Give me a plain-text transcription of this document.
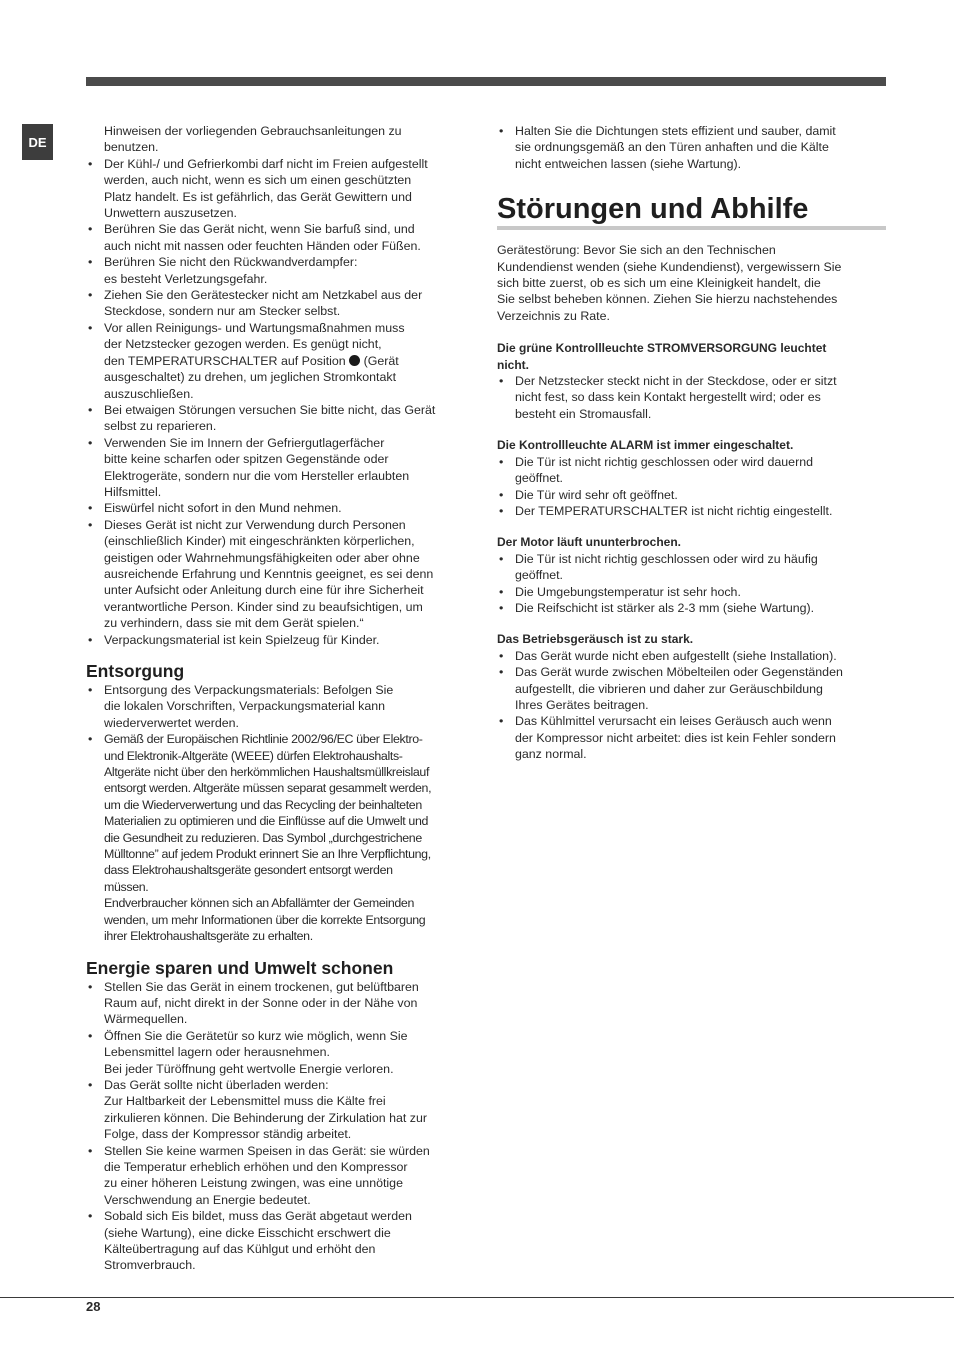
DE
Hinweisen der vorliegenden Gebrauchsanleitungen zu
benutzen.
• Der Kühl-/ und Gefrierkombi darf nicht im Freien aufgestellt
werden, auch nicht, wenn es sich um einen geschützten
Platz handelt. Es ist gefährlich, das Gerät Gewittern und
Unwettern auszusetzen.
• Berühren Sie das Gerät nicht, wenn Sie barfuß sind, und
auch nicht mit nassen oder feuchten Händen oder Füßen.
• Berühren Sie nicht den Rückwandverdampfer:
es besteht Verletzungsgefahr.
• Ziehen Sie den Gerätestecker nicht am Netzkabel aus der
Steckdose, sondern nur am Stecker selbst.
• Vor allen Reinigungs- und Wartungsmaßnahmen muss
der Netzstecker gezogen werden. Es genügt nicht,
den TEMPERATURSCHALTER auf Position  (Gerät
ausgeschaltet) zu drehen, um jeglichen Stromkontakt
auszuschließen.
• Bei etwaigen Störungen versuchen Sie bitte nicht, das Gerät
selbst zu reparieren.
• Verwenden Sie im Innern der Gefriergutlagerfächer
bitte keine scharfen oder spitzen Gegenstände oder
Elektrogeräte, sondern nur die vom Hersteller erlaubten
Hilfsmittel.
• Eiswürfel nicht sofort in den Mund nehmen.
• Dieses Gerät ist nicht zur Verwendung durch Personen
(einschließlich Kinder) mit eingeschränkten körperlichen,
geistigen oder Wahrnehmungsfähigkeiten oder aber ohne
ausreichende Erfahrung und Kenntnis geeignet, es sei denn
unter Aufsicht oder Anleitung durch eine für ihre Sicherheit
verantwortliche Person. Kinder sind zu beaufsichtigen, um
zu verhindern, dass sie mit dem Gerät spielen.“
• Verpackungsmaterial ist kein Spielzeug für Kinder.
Entsorgung
• Entsorgung des Verpackungsmaterials: Befolgen Sie
die lokalen Vorschriften, Verpackungsmaterial kann
wiederverwertet werden.
• Gemäß der Europäischen Richtlinie 2002/96/EC über Elektro-
und Elektronik-Altgeräte (WEEE) dürfen Elektrohaushalts-
Altgeräte nicht über den herkömmlichen Haushaltsmüllkreislauf
entsorgt werden. Altgeräte müssen separat gesammelt werden,
um die Wiederverwertung und das Recycling der beinhalteten
Materialien zu optimieren und die Einflüsse auf die Umwelt und
die Gesundheit zu reduzieren. Das Symbol „durchgestrichene
Mülltonne” auf jedem Produkt erinnert Sie an Ihre Verpflichtung,
dass Elektrohaushaltsgeräte gesondert entsorgt werden
müssen.
Endverbraucher können sich an Abfallämter der Gemeinden
wenden, um mehr Informationen über die korrekte Entsorgung
ihrer Elektrohaushaltsgeräte zu erhalten.
Energie sparen und Umwelt schonen
• Stellen Sie das Gerät in einem trockenen, gut belüftbaren
Raum auf, nicht direkt in der Sonne oder in der Nähe von
Wärmequellen.
• Öffnen Sie die Gerätetür so kurz wie möglich, wenn Sie
Lebensmittel lagern oder herausnehmen.
Bei jeder Türöffnung geht wertvolle Energie verloren.
• Das Gerät sollte nicht überladen werden:
Zur Haltbarkeit der Lebensmittel muss die Kälte frei
zirkulieren können. Die Behinderung der Zirkulation hat zur
Folge, dass der Kompressor ständig arbeitet.
• Stellen Sie keine warmen Speisen in das Gerät: sie würden
die Temperatur erheblich erhöhen und den Kompressor
zu einer höheren Leistung zwingen, was eine unnötige
Verschwendung an Energie bedeutet.
• Sobald sich Eis bildet, muss das Gerät abgetaut werden
(siehe Wartung), eine dicke Eisschicht erschwert die
Kälteübertragung auf das Kühlgut und erhöht den
Stromverbrauch.
• Halten Sie die Dichtungen stets effizient und sauber, damit
sie ordnungsgemäß an den Türen anhaften und die Kälte
nicht entweichen lassen (siehe Wartung).
Störungen und Abhilfe
Gerätestörung: Bevor Sie sich an den Technischen
Kundendienst wenden (siehe Kundendienst), vergewissern Sie
sich bitte zuerst, ob es sich um eine Kleinigkeit handelt, die
Sie selbst beheben können. Ziehen Sie hierzu nachstehendes
Verzeichnis zu Rate.
Die grüne Kontrollleuchte STROMVERSORGUNG leuchtet
nicht.
• Der Netzstecker steckt nicht in der Steckdose, oder er sitzt
nicht fest, so dass kein Kontakt hergestellt wird; oder es
besteht ein Stromausfall.
Die Kontrollleuchte ALARM ist immer eingeschaltet.
• Die Tür ist nicht richtig geschlossen oder wird dauernd
geöffnet.
• Die Tür wird sehr oft geöffnet.
• Der TEMPERATURSCHALTER ist nicht richtig eingestellt.
Der Motor läuft ununterbrochen.
• Die Tür ist nicht richtig geschlossen oder wird zu häufig
geöffnet.
• Die Umgebungstemperatur ist sehr hoch.
• Die Reifschicht ist stärker als 2-3 mm (siehe Wartung).
Das Betriebsgeräusch ist zu stark.
• Das Gerät wurde nicht eben aufgestellt (siehe Installation).
• Das Gerät wurde zwischen Möbelteilen oder Gegenständen
aufgestellt, die vibrieren und daher zur Geräuschbildung
Ihres Gerätes beitragen.
• Das Kühlmittel verursacht ein leises Geräusch auch wenn
der Kompressor nicht arbeitet: dies ist kein Fehler sondern
ganz normal.
28
